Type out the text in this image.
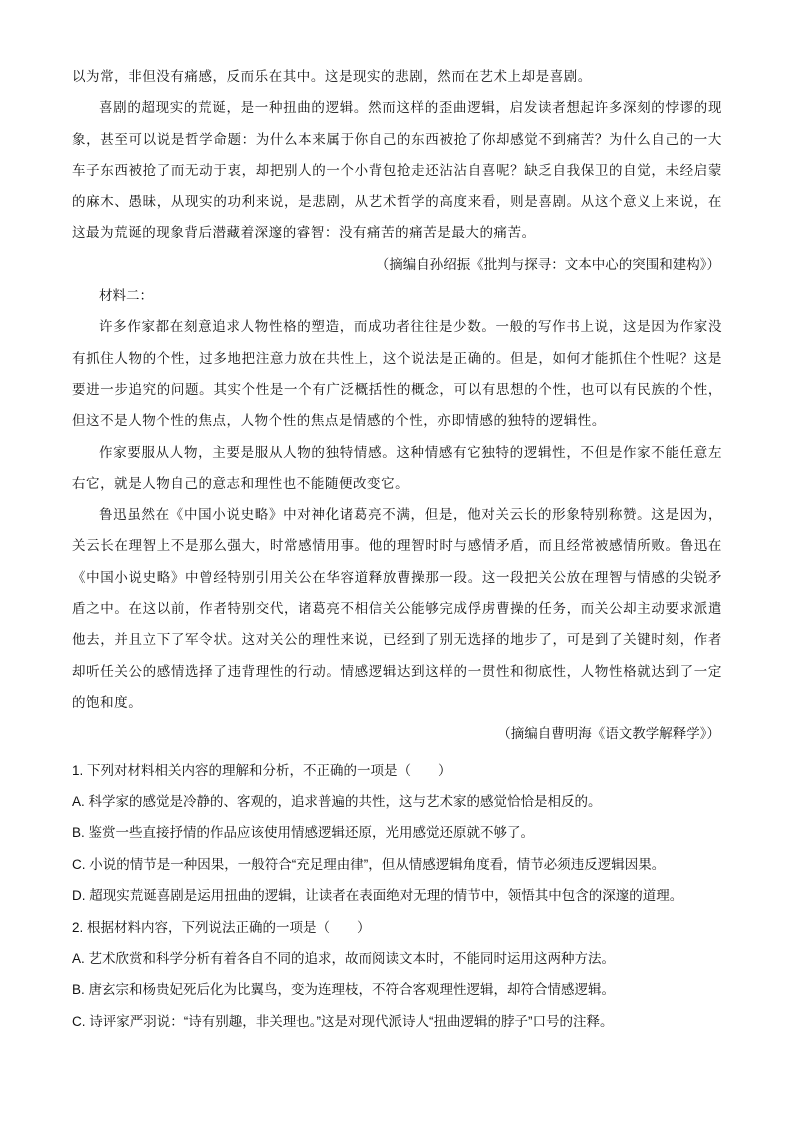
以为常，非但没有痛感，反而乐在其中。这是现实的悲剧，然而在艺术上却是喜剧。

喜剧的超现实的荒诞，是一种扭曲的逻辑。然而这样的歪曲逻辑，启发读者想起许多深刻的悖谬的现象，甚至可以说是哲学命题：为什么本来属于你自己的东西被抢了你却感觉不到痛苦？为什么自己的一大车子东西被抢了而无动于衷，却把别人的一个小背包抢走还沾沾自喜呢？缺乏自我保卫的自觉，未经启蒙的麻木、愚昧，从现实的功利来说，是悲剧，从艺术哲学的高度来看，则是喜剧。从这个意义上来说，在这最为荒诞的现象背后潜藏着深邃的睿智：没有痛苦的痛苦是最大的痛苦。

（摘编自孙绍振《批判与探寻：文本中心的突围和建构》）

材料二：

许多作家都在刻意追求人物性格的塑造，而成功者往往是少数。一般的写作书上说，这是因为作家没有抓住人物的个性，过多地把注意力放在共性上，这个说法是正确的。但是，如何才能抓住个性呢？这是要进一步追究的问题。其实个性是一个有广泛概括性的概念，可以有思想的个性，也可以有民族的个性，但这不是人物个性的焦点，人物个性的焦点是情感的个性，亦即情感的独特的逻辑性。

作家要服从人物，主要是服从人物的独特情感。这种情感有它独特的逻辑性，不但是作家不能任意左右它，就是人物自己的意志和理性也不能随便改变它。

鲁迅虽然在《中国小说史略》中对神化诸葛亮不满，但是，他对关云长的形象特别称赞。这是因为，关云长在理智上不是那么强大，时常感情用事。他的理智时时与感情矛盾，而且经常被感情所败。鲁迅在《中国小说史略》中曾经特别引用关公在华容道释放曹操那一段。这一段把关公放在理智与情感的尖锐矛盾之中。在这以前，作者特别交代，诸葛亮不相信关公能够完成俘虏曹操的任务，而关公却主动要求派遣他去，并且立下了军令状。这对关公的理性来说，已经到了别无选择的地步了，可是到了关键时刻，作者却听任关公的感情选择了违背理性的行动。情感逻辑达到这样的一贯性和彻底性，人物性格就达到了一定的饱和度。

（摘编自曹明海《语文教学解释学》）

1. 下列对材料相关内容的理解和分析，不正确的一项是（　　）

A. 科学家的感觉是冷静的、客观的，追求普遍的共性，这与艺术家的感觉恰恰是相反的。

B. 鉴赏一些直接抒情的作品应该使用情感逻辑还原，光用感觉还原就不够了。

C. 小说的情节是一种因果，一般符合“充足理由律”，但从情感逻辑角度看，情节必须违反逻辑因果。

D. 超现实荒诞喜剧是运用扭曲的逻辑，让读者在表面绝对无理的情节中，领悟其中包含的深邃的道理。

2. 根据材料内容，下列说法正确的一项是（　　）

A. 艺术欣赏和科学分析有着各自不同的追求，故而阅读文本时，不能同时运用这两种方法。

B. 唐玄宗和杨贵妃死后化为比翼鸟，变为连理枝，不符合客观理性逻辑，却符合情感逻辑。

C. 诗评家严羽说：“诗有别趣，非关理也。”这是对现代派诗人“扭曲逻辑的脖子”口号的注释。
